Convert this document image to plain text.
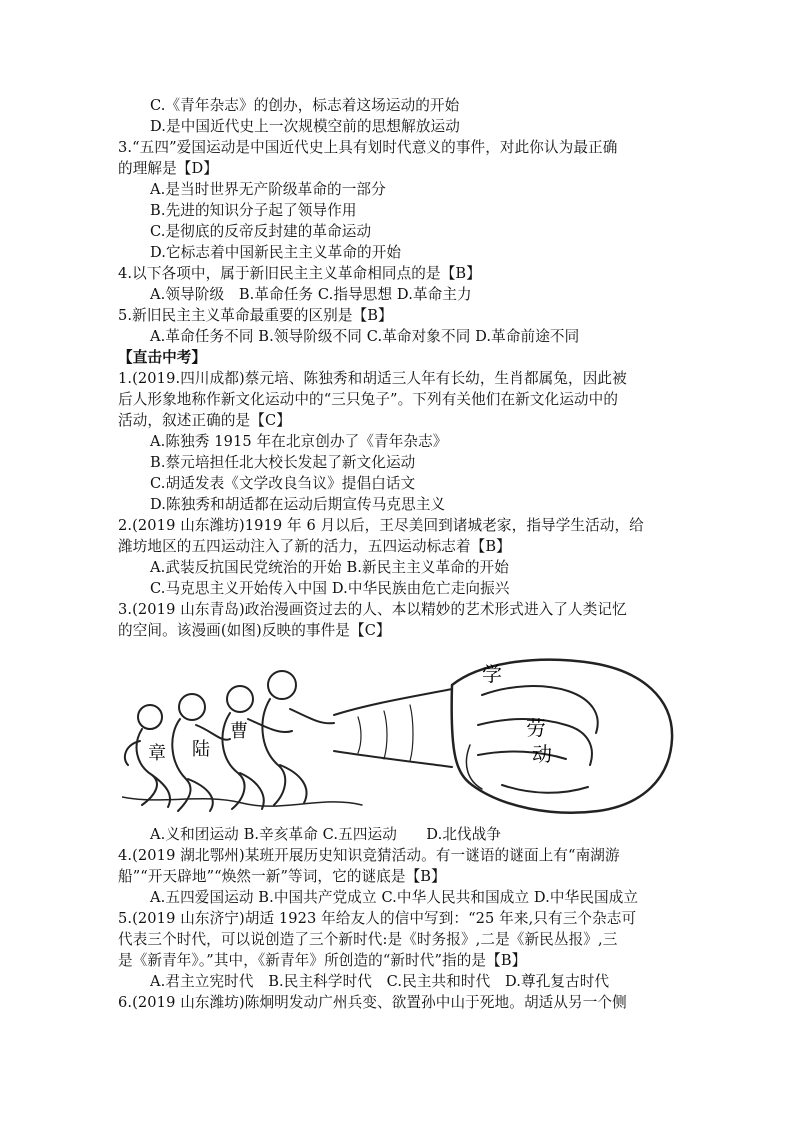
C.《青年杂志》的创办，标志着这场运动的开始
D.是中国近代史上一次规模空前的思想解放运动
3.“五四”爱国运动是中国近代史上具有划时代意义的事件，对此你认为最正确
的理解是【D】
A.是当时世界无产阶级革命的一部分
B.先进的知识分子起了领导作用
C.是彻底的反帝反封建的革命运动
D.它标志着中国新民主主义革命的开始
4.以下各项中，属于新旧民主主义革命相同点的是【B】
A.领导阶级　B.革命任务 C.指导思想 D.革命主力
5.新旧民主主义革命最重要的区别是【B】
A.革命任务不同 B.领导阶级不同 C.革命对象不同 D.革命前途不同
【直击中考】
1.(2019.四川成都)蔡元培、陈独秀和胡适三人年有长幼，生肖都属兔，因此被
后人形象地称作新文化运动中的“三只兔子”。下列有关他们在新文化运动中的
活动，叙述正确的是【C】
A.陈独秀 1915 年在北京创办了《青年杂志》
B.蔡元培担任北大校长发起了新文化运动
C.胡适发表《文学改良刍议》提倡白话文
D.陈独秀和胡适都在运动后期宣传马克思主义
2.(2019 山东潍坊)1919 年 6 月以后，王尽美回到诸城老家，指导学生活动，给
潍坊地区的五四运动注入了新的活力，五四运动标志着【B】
A.武装反抗国民党统治的开始 B.新民主主义革命的开始
C.马克思主义开始传入中国 D.中华民族由危亡走向振兴
3.(2019 山东青岛)政治漫画资过去的人、本以精妙的艺术形式进入了人类记忆
的空间。该漫画(如图)反映的事件是【C】
学
劳
动
曹
陆
章
A.义和团运动 B.辛亥革命 C.五四运动　　D.北伐战争
4.(2019 湖北鄂州)某班开展历史知识竞猜活动。有一谜语的谜面上有“南湖游
船”“开天辟地”“焕然一新”等词，它的谜底是【B】
A.五四爱国运动 B.中国共产党成立 C.中华人民共和国成立 D.中华民国成立
5.(2019 山东济宁)胡适 1923 年给友人的信中写到：“25 年来,只有三个杂志可
代表三个时代，可以说创造了三个新时代:是《时务报》,二是《新民丛报》,三
是《新青年》。”其中，《新青年》所创造的“新时代”指的是【B】
A.君主立宪时代　B.民主科学时代　C.民主共和时代　D.尊孔复古时代
6.(2019 山东潍坊)陈炯明发动广州兵变、欲置孙中山于死地。胡适从另一个侧
